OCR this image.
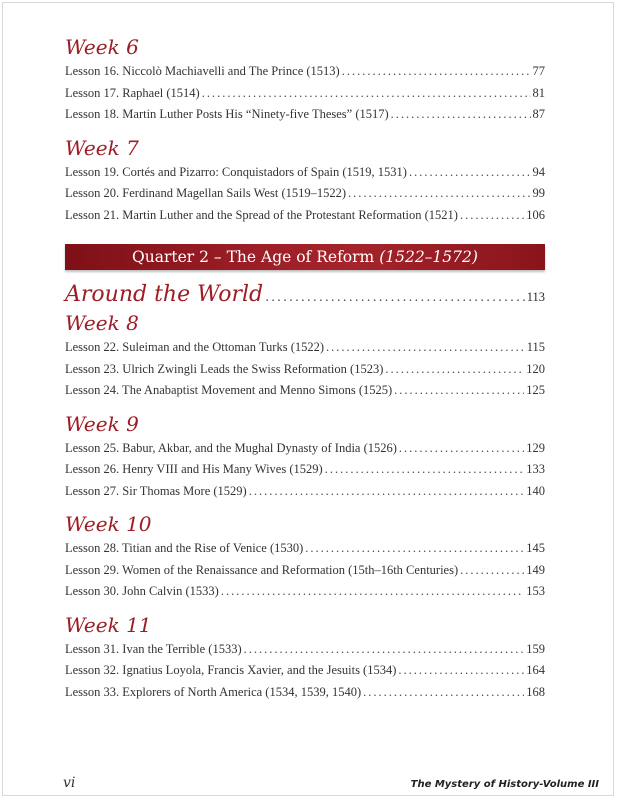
Week 6
Lesson 16. Niccolò Machiavelli and The Prince (1513) .....	77
Lesson 17. Raphael (1514) .....	81
Lesson 18. Martin Luther Posts His “Ninety-five Theses” (1517) .....	87
Week 7
Lesson 19. Cortés and Pizarro: Conquistadors of Spain (1519, 1531) .....	94
Lesson 20. Ferdinand Magellan Sails West (1519–1522) .....	99
Lesson 21. Martin Luther and the Spread of the Protestant Reformation (1521) .....	106
Quarter 2 – The Age of Reform (1522–1572)
Around the World .....	113
Week 8
Lesson 22. Suleiman and the Ottoman Turks (1522) .....	115
Lesson 23. Ulrich Zwingli Leads the Swiss Reformation (1523) .....	120
Lesson 24. The Anabaptist Movement and Menno Simons (1525) .....	125
Week 9
Lesson 25. Babur, Akbar, and the Mughal Dynasty of India (1526) .....	129
Lesson 26. Henry VIII and His Many Wives (1529) .....	133
Lesson 27. Sir Thomas More (1529) .....	140
Week 10
Lesson 28. Titian and the Rise of Venice (1530) .....	145
Lesson 29. Women of the Renaissance and Reformation (15th–16th Centuries) .....	149
Lesson 30. John Calvin (1533) .....	153
Week 11
Lesson 31. Ivan the Terrible (1533) .....	159
Lesson 32. Ignatius Loyola, Francis Xavier, and the Jesuits (1534) .....	164
Lesson 33. Explorers of North America (1534, 1539, 1540) .....	168
vi	The Mystery of History-Volume III
